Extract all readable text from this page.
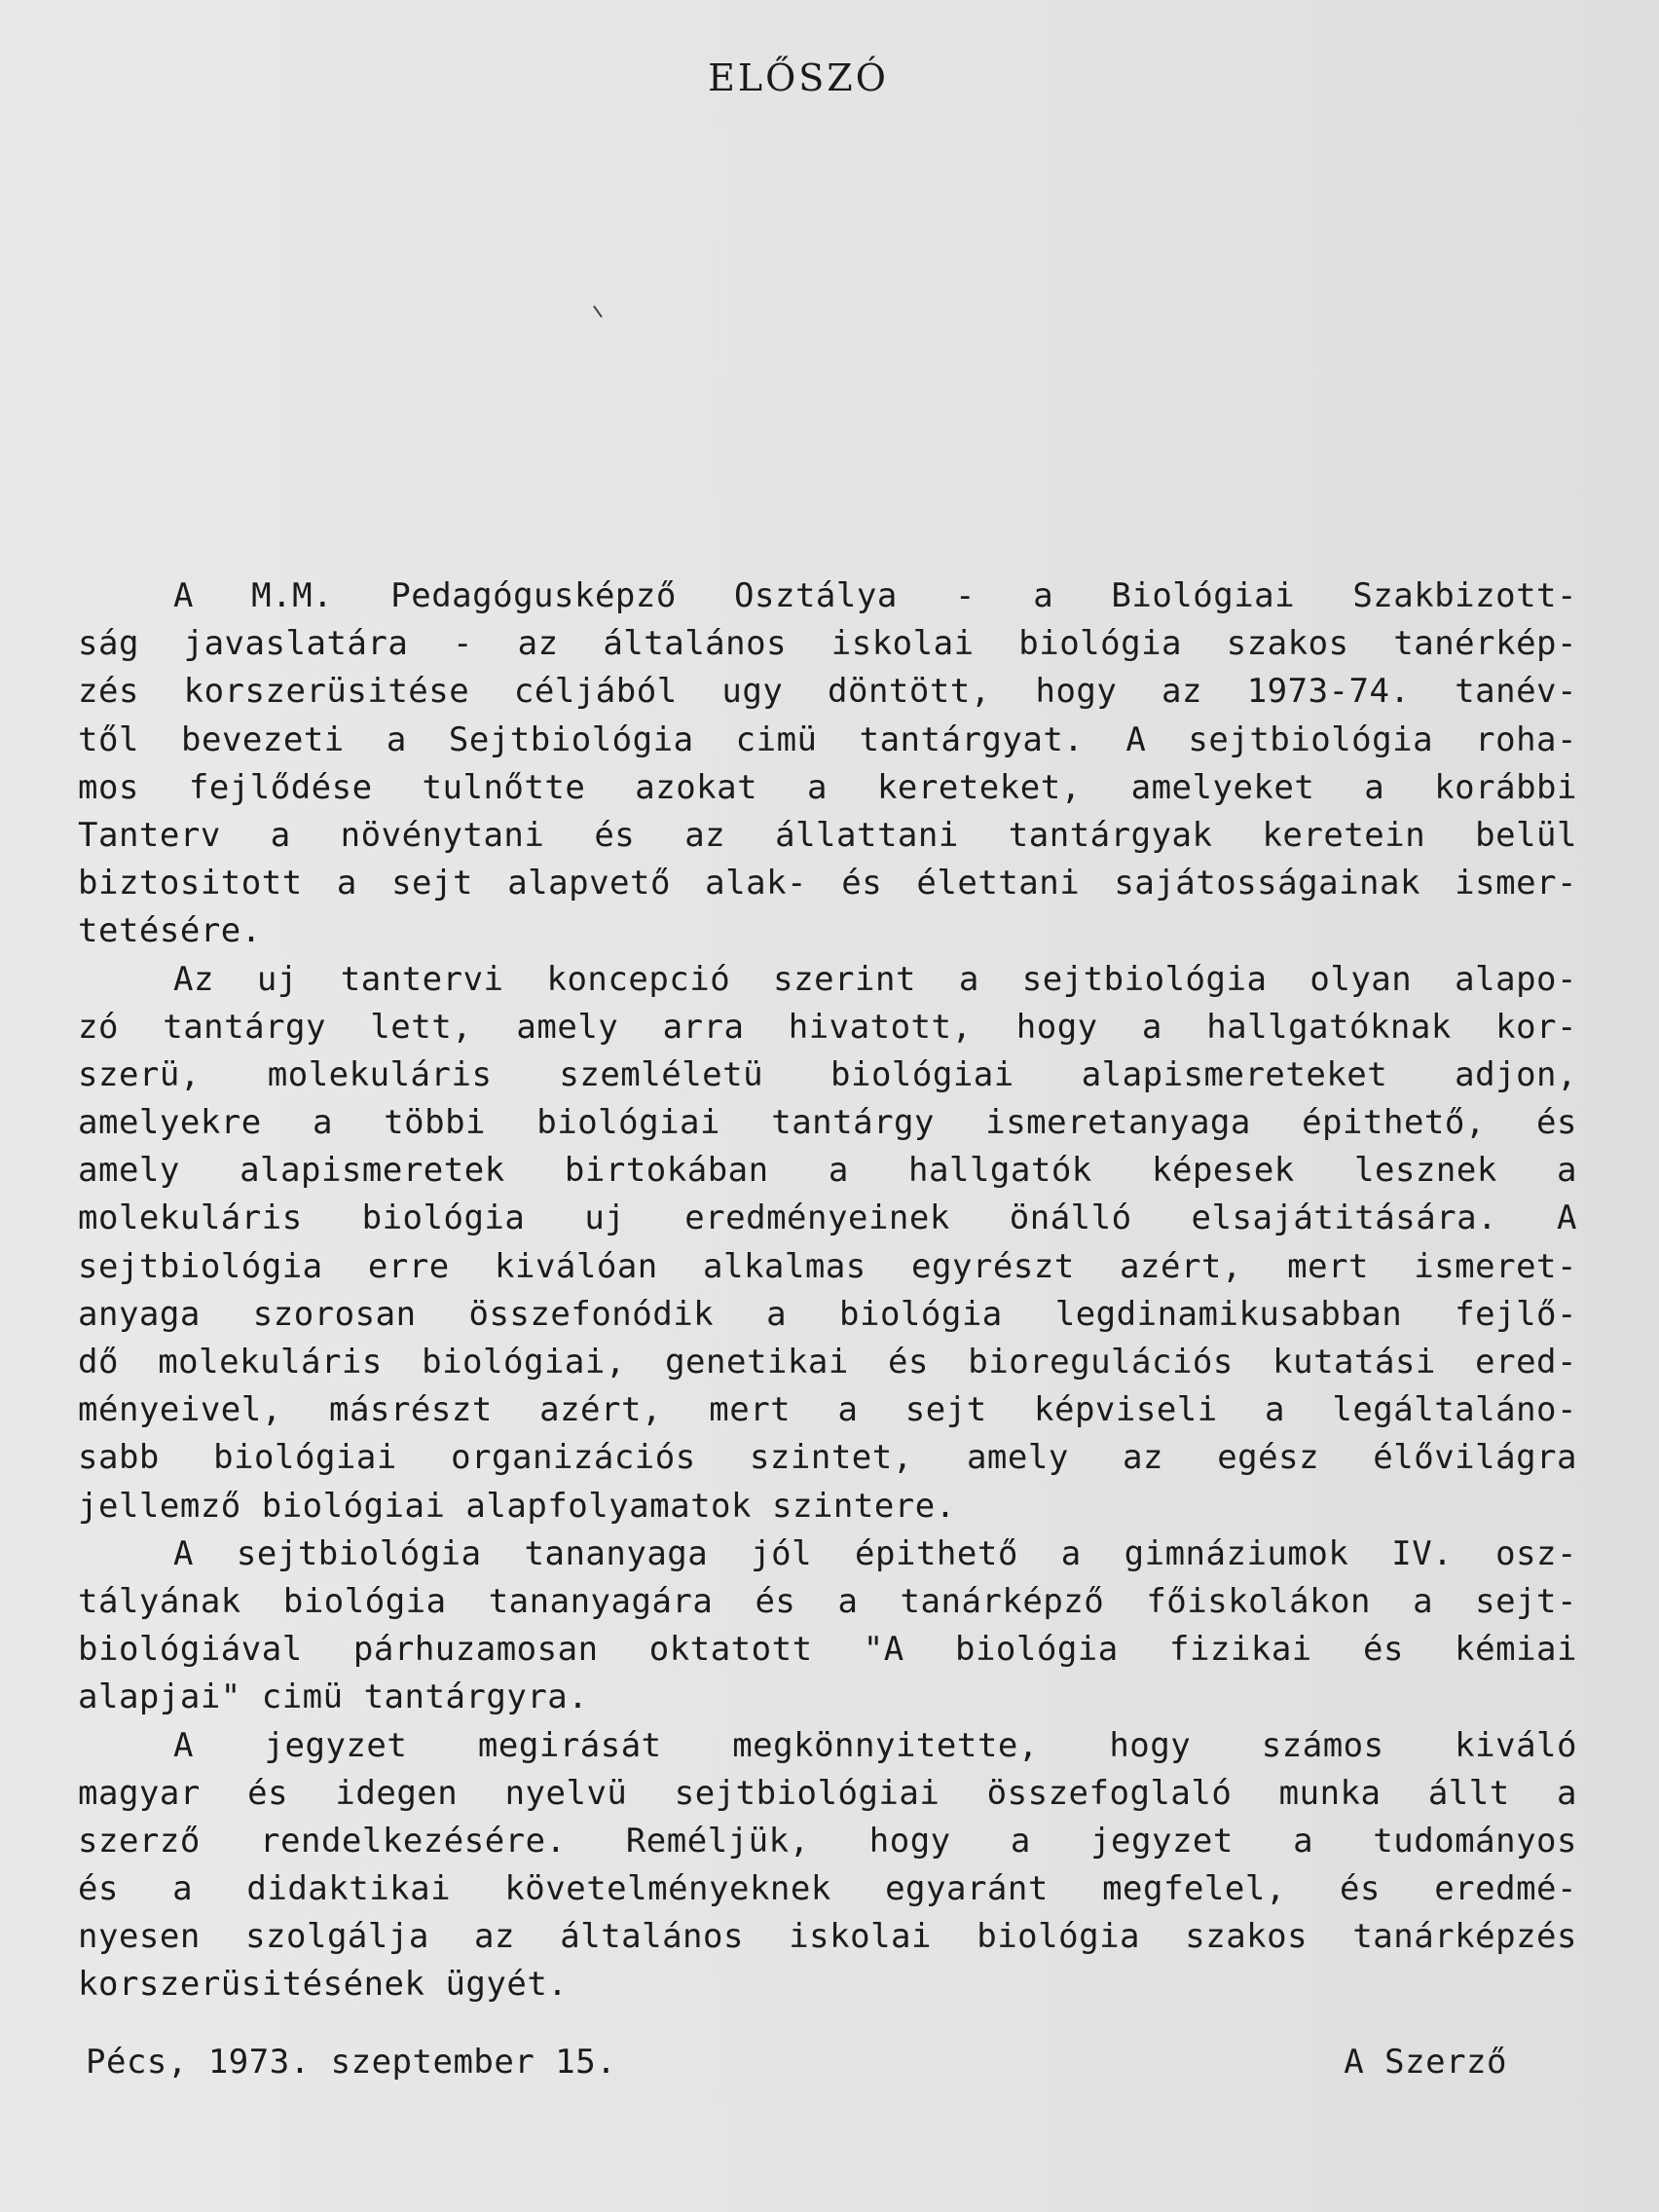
ELŐSZÓ
A M.M. Pedagógusképző Osztálya - a Biológiai Szakbizott-
ság javaslatára - az általános iskolai biológia szakos tanérkép-
zés korszerüsitése céljából ugy döntött, hogy az 1973-74. tanév-
től bevezeti a Sejtbiológia cimü tantárgyat. A sejtbiológia roha-
mos fejlődése tulnőtte azokat a kereteket, amelyeket a korábbi
Tanterv a növénytani és az állattani tantárgyak keretein belül
biztositott a sejt alapvető alak- és élettani sajátosságainak ismer-
tetésére.
Az uj tantervi koncepció szerint a sejtbiológia olyan alapo-
zó tantárgy lett, amely arra hivatott, hogy a hallgatóknak kor-
szerü, molekuláris szemléletü biológiai alapismereteket adjon,
amelyekre a többi biológiai tantárgy ismeretanyaga épithető, és
amely alapismeretek birtokában a hallgatók képesek lesznek a
molekuláris biológia uj eredményeinek önálló elsajátitására. A
sejtbiológia erre kiválóan alkalmas egyrészt azért, mert ismeret-
anyaga szorosan összefonódik a biológia legdinamikusabban fejlő-
dő molekuláris biológiai, genetikai és bioregulációs kutatási ered-
ményeivel, másrészt azért, mert a sejt képviseli a legáltaláno-
sabb biológiai organizációs szintet, amely az egész élővilágra
jellemző biológiai alapfolyamatok szintere.
A sejtbiológia tananyaga jól épithető a gimnáziumok IV. osz-
tályának biológia tananyagára és a tanárképző főiskolákon a sejt-
biológiával párhuzamosan oktatott "A biológia fizikai és kémiai
alapjai" cimü tantárgyra.
A jegyzet megirását megkönnyitette, hogy számos kiváló
magyar és idegen nyelvü sejtbiológiai összefoglaló munka állt a
szerző rendelkezésére. Reméljük, hogy a jegyzet a tudományos
és a didaktikai követelményeknek egyaránt megfelel, és eredmé-
nyesen szolgálja az általános iskolai biológia szakos tanárképzés
korszerüsitésének ügyét.
Pécs, 1973. szeptember 15.	A Szerző
